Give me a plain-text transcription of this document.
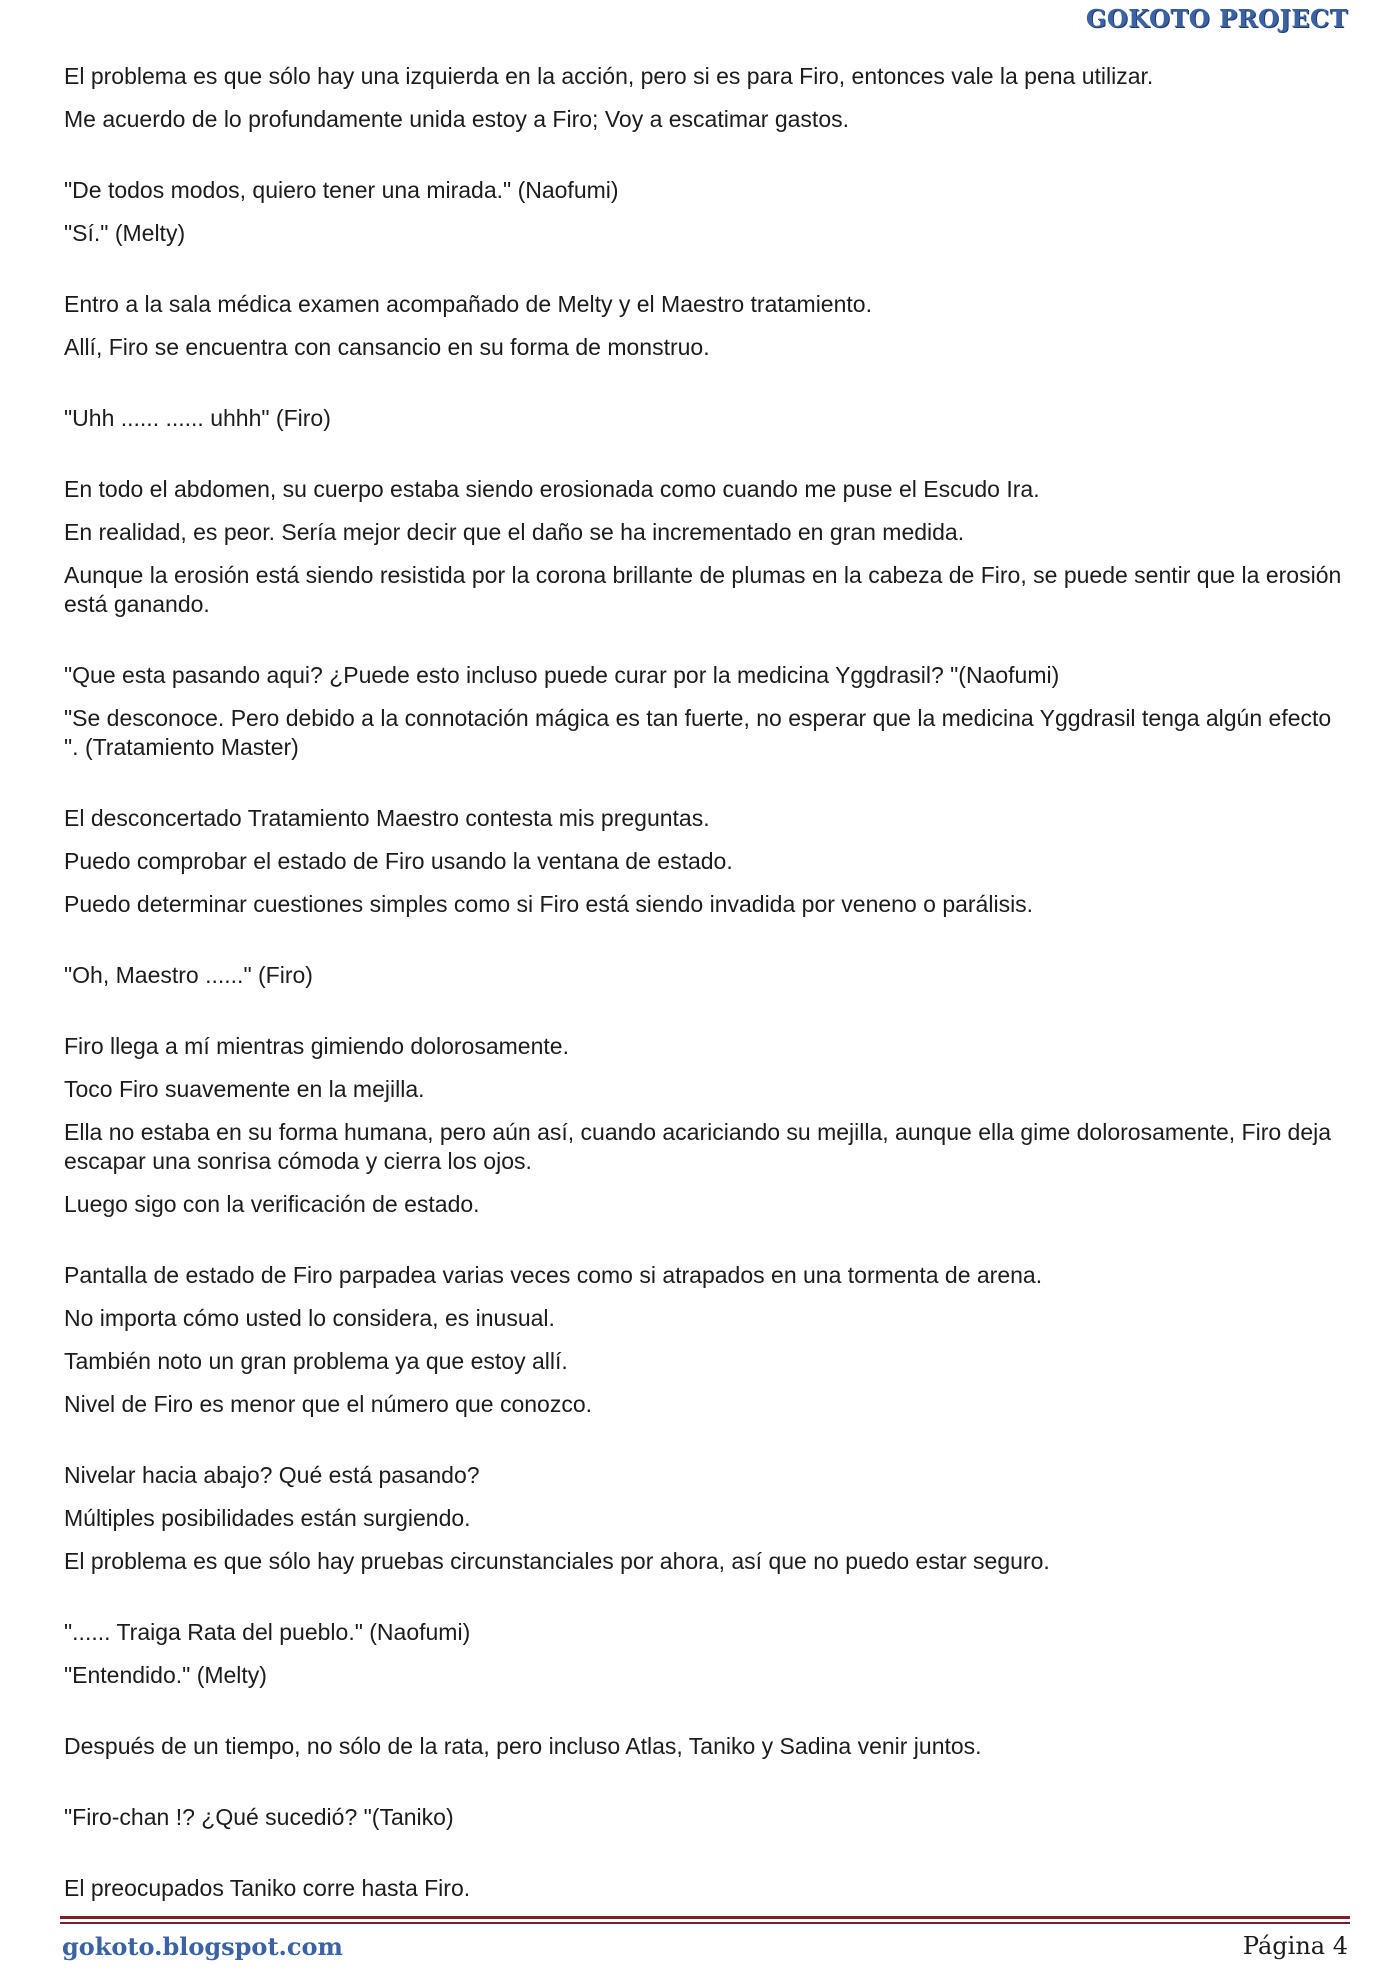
GOKOTO PROJECT

El problema es que sólo hay una izquierda en la acción, pero si es para Firo, entonces vale la pena utilizar.

Me acuerdo de lo profundamente unida estoy a Firo; Voy a escatimar gastos.

"De todos modos, quiero tener una mirada." (Naofumi)

"Sí." (Melty)

Entro a la sala médica examen acompañado de Melty y el Maestro tratamiento.

Allí, Firo se encuentra con cansancio en su forma de monstruo.

"Uhh ...... ...... uhhh" (Firo)

En todo el abdomen, su cuerpo estaba siendo erosionada como cuando me puse el Escudo Ira.

En realidad, es peor. Sería mejor decir que el daño se ha incrementado en gran medida.

Aunque la erosión está siendo resistida por la corona brillante de plumas en la cabeza de Firo, se puede sentir que la erosión está ganando.

"Que esta pasando aqui? ¿Puede esto incluso puede curar por la medicina Yggdrasil? "(Naofumi)

"Se desconoce. Pero debido a la connotación mágica es tan fuerte, no esperar que la medicina Yggdrasil tenga algún efecto ". (Tratamiento Master)

El desconcertado Tratamiento Maestro contesta mis preguntas.

Puedo comprobar el estado de Firo usando la ventana de estado.

Puedo determinar cuestiones simples como si Firo está siendo invadida por veneno o parálisis.

"Oh, Maestro ......" (Firo)

Firo llega a mí mientras gimiendo dolorosamente.

Toco Firo suavemente en la mejilla.

Ella no estaba en su forma humana, pero aún así, cuando acariciando su mejilla, aunque ella gime dolorosamente, Firo deja escapar una sonrisa cómoda y cierra los ojos.

Luego sigo con la verificación de estado.

Pantalla de estado de Firo parpadea varias veces como si atrapados en una tormenta de arena.

No importa cómo usted lo considera, es inusual.

También noto un gran problema ya que estoy allí.

Nivel de Firo es menor que el número que conozco.

Nivelar hacia abajo? Qué está pasando?

Múltiples posibilidades están surgiendo.

El problema es que sólo hay pruebas circunstanciales por ahora, así que no puedo estar seguro.

"...... Traiga Rata del pueblo." (Naofumi)

"Entendido." (Melty)

Después de un tiempo, no sólo de la rata, pero incluso Atlas, Taniko y Sadina venir juntos.

"Firo-chan !? ¿Qué sucedió? "(Taniko)

El preocupados Taniko corre hasta Firo.

gokoto.blogspot.com	Página 4
